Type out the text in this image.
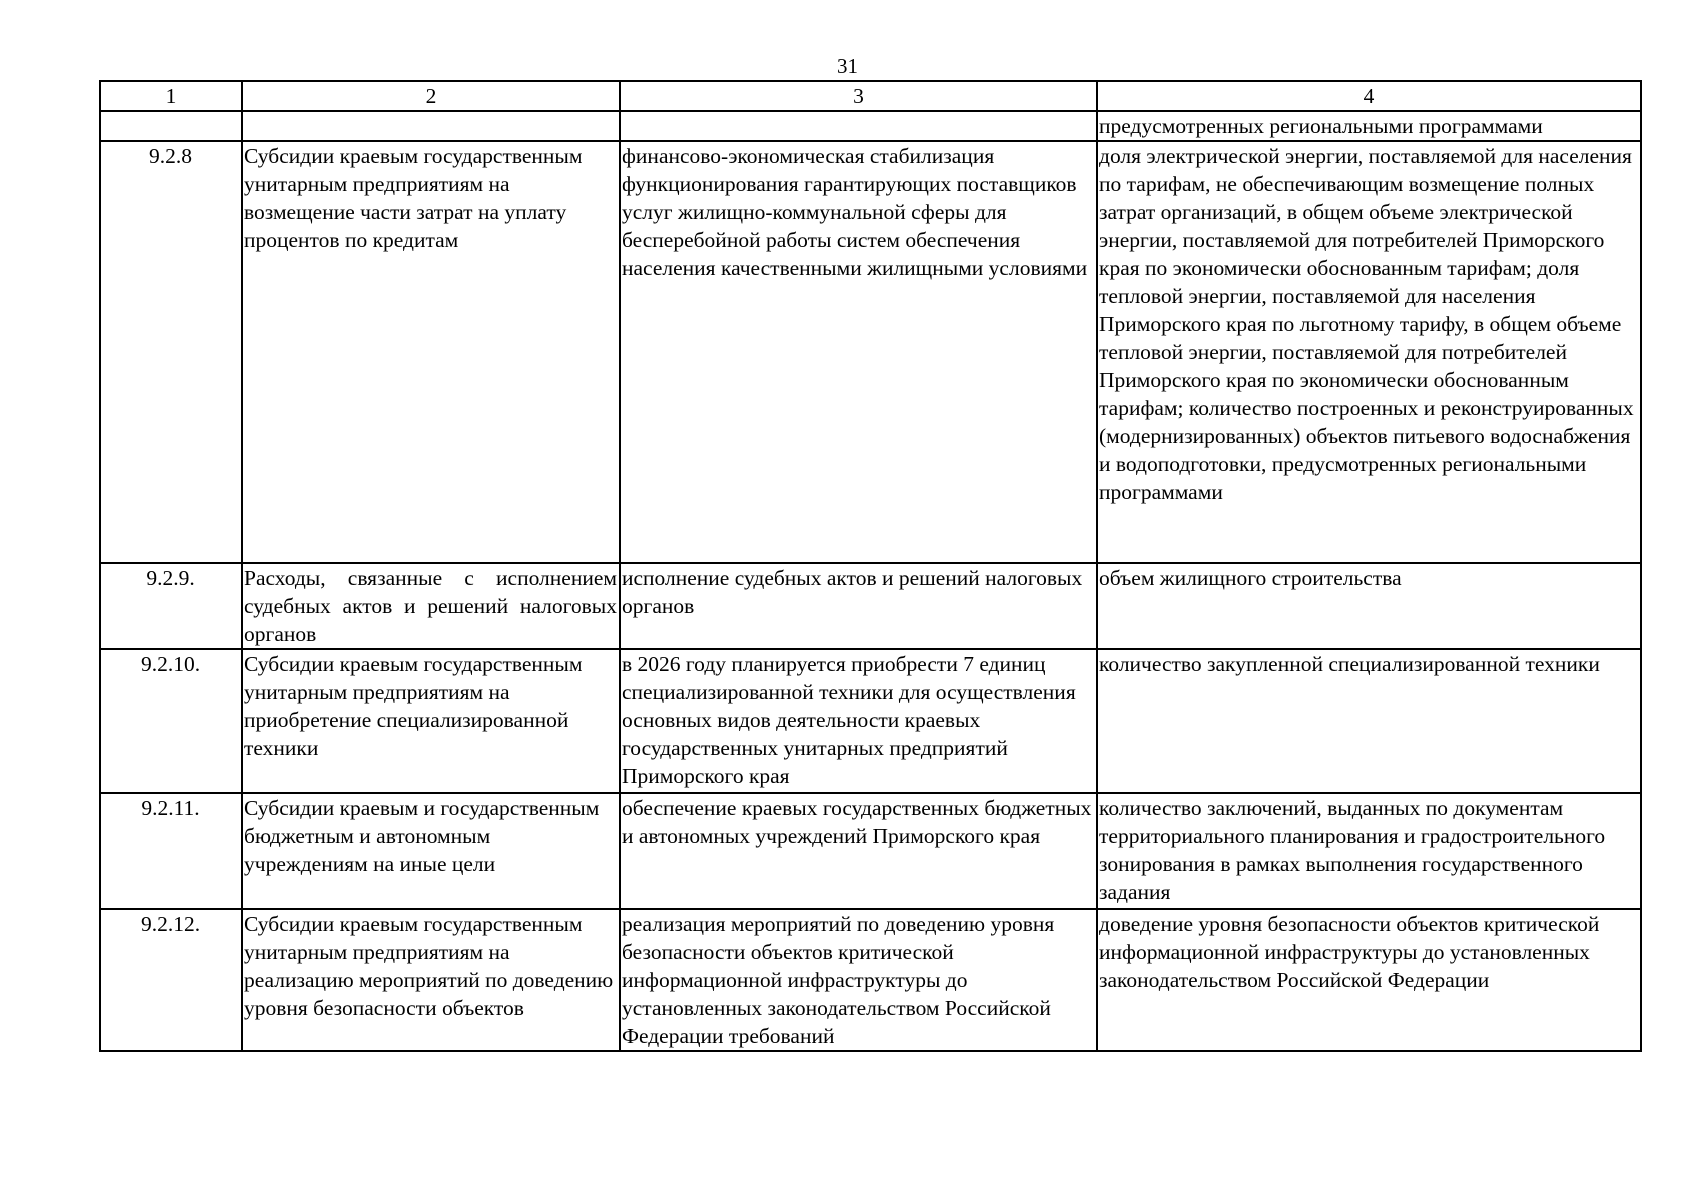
31
1	2	3	4
			предусмотренных региональными программами
9.2.8	Субсидии краевым государственным унитарным предприятиям на возмещение части затрат на уплату процентов по кредитам	финансово-экономическая стабилизация функционирования гарантирующих поставщиков услуг жилищно-коммунальной сферы для бесперебойной работы систем обеспечения населения качественными жилищными условиями	доля электрической энергии, поставляемой для населения по тарифам, не обеспечивающим возмещение полных затрат организаций, в общем объеме электрической энергии, поставляемой для потребителей Приморского края по экономически обоснованным тарифам; доля тепловой энергии, поставляемой для населения Приморского края по льготному тарифу, в общем объеме тепловой энергии, поставляемой для потребителей Приморского края по экономически обоснованным тарифам; количество построенных и реконструированных (модернизированных) объектов питьевого водоснабжения и водоподготовки, предусмотренных региональными программами
9.2.9.	Расходы, связанные с исполнением судебных актов и решений налоговых органов	исполнение судебных актов и решений налоговых органов	объем жилищного строительства
9.2.10.	Субсидии краевым государственным унитарным предприятиям на приобретение специализированной техники	в 2026 году планируется приобрести 7 единиц специализированной техники для осуществления основных видов деятельности краевых государственных унитарных предприятий Приморского края	количество закупленной специализированной техники
9.2.11.	Субсидии краевым и государственным бюджетным и автономным учреждениям на иные цели	обеспечение краевых государственных бюджетных и автономных учреждений Приморского края	количество заключений, выданных по документам территориального планирования и градостроительного зонирования в рамках выполнения государственного задания
9.2.12.	Субсидии краевым государственным унитарным предприятиям на реализацию мероприятий по доведению уровня безопасности объектов	реализация мероприятий по доведению уровня безопасности объектов критической информационной инфраструктуры до установленных законодательством Российской Федерации требований	доведение уровня безопасности объектов критической информационной инфраструктуры до установленных законодательством Российской Федерации
